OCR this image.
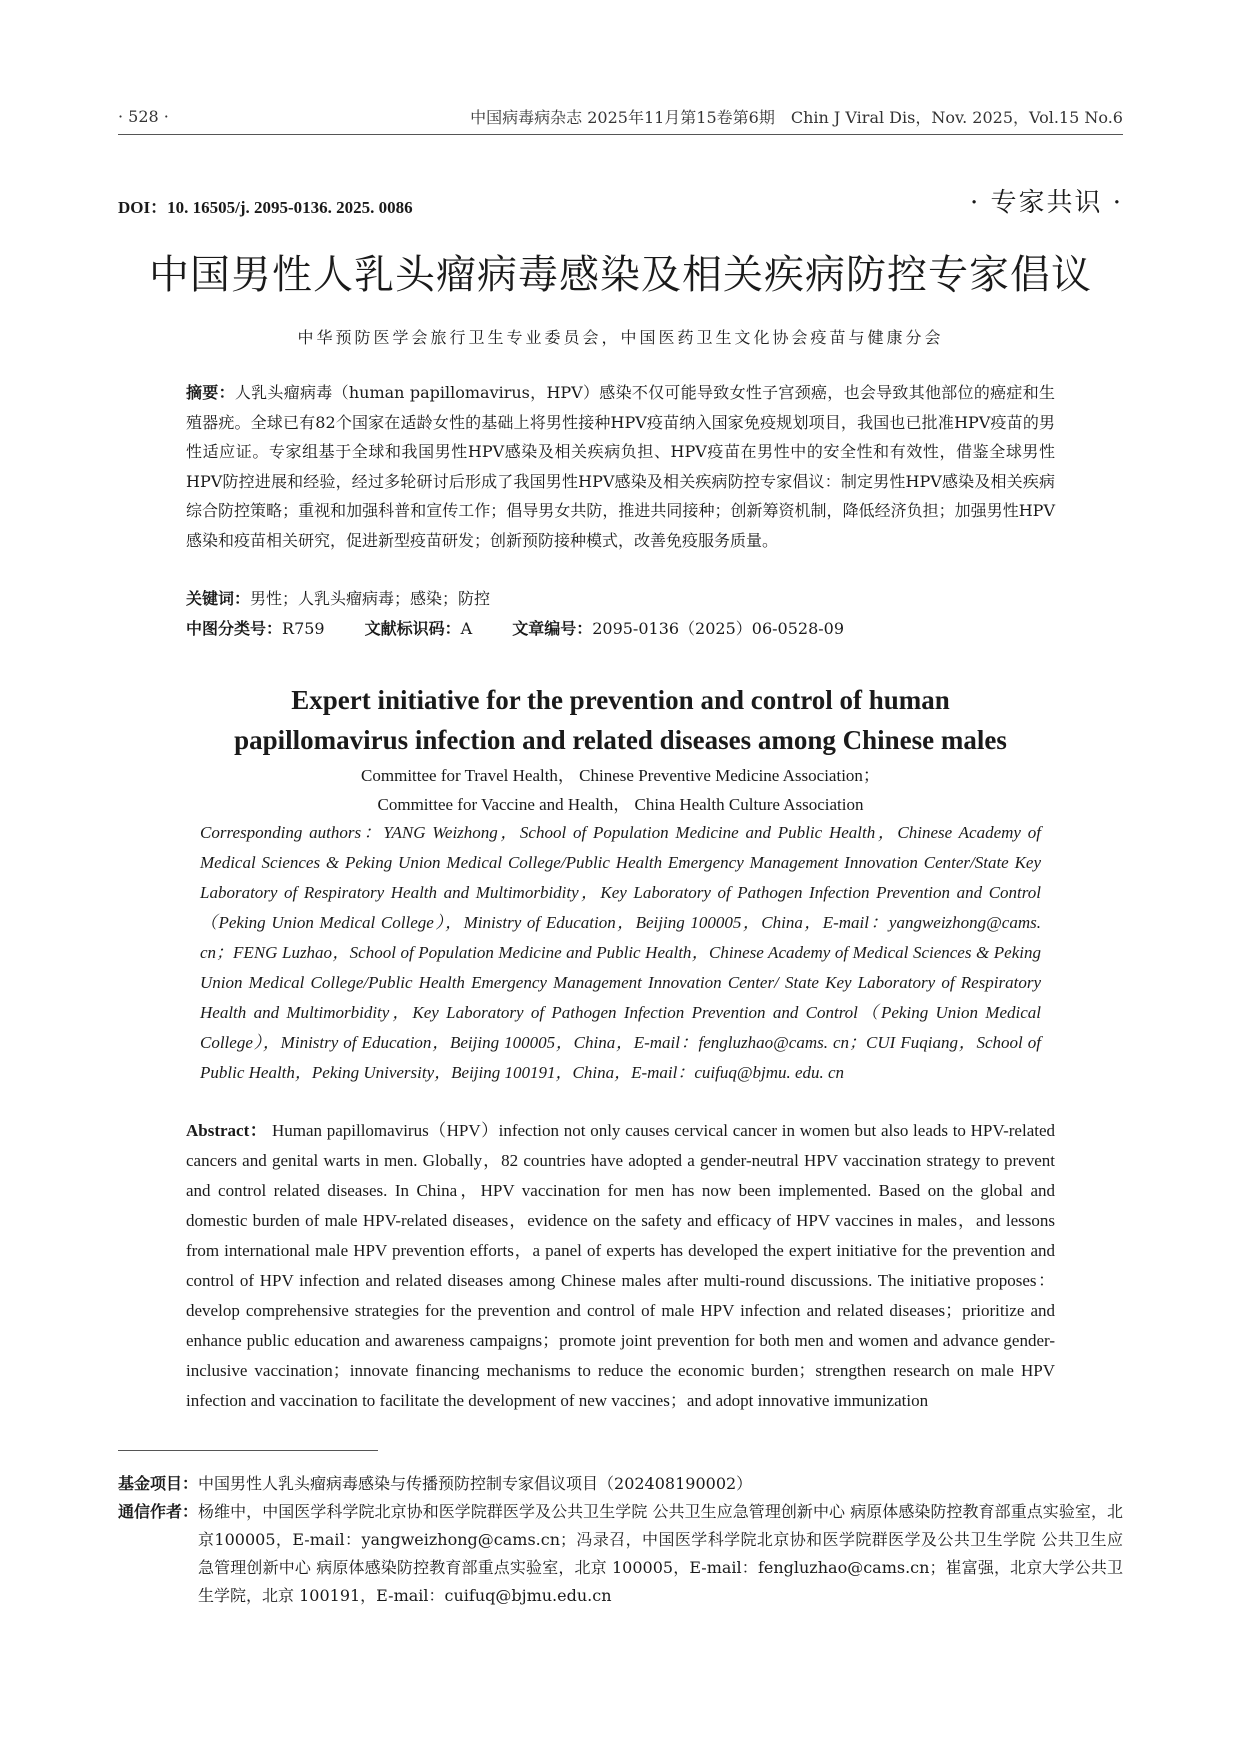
· 528 ·	中国病毒病杂志 2025年11月第15卷第6期　Chin J Viral Dis，Nov. 2025，Vol.15 No.6
DOI：10. 16505/j. 2095-0136. 2025. 0086	· 专家共识 ·
中国男性人乳头瘤病毒感染及相关疾病防控专家倡议
中华预防医学会旅行卫生专业委员会，中国医药卫生文化协会疫苗与健康分会
摘要：人乳头瘤病毒（human papillomavirus，HPV）感染不仅可能导致女性子宫颈癌，也会导致其他部位的癌症和生殖器疣。全球已有82个国家在适龄女性的基础上将男性接种HPV疫苗纳入国家免疫规划项目，我国也已批准HPV疫苗的男性适应证。专家组基于全球和我国男性HPV感染及相关疾病负担、HPV疫苗在男性中的安全性和有效性，借鉴全球男性HPV防控进展和经验，经过多轮研讨后形成了我国男性HPV感染及相关疾病防控专家倡议：制定男性HPV感染及相关疾病综合防控策略；重视和加强科普和宣传工作；倡导男女共防，推进共同接种；创新筹资机制，降低经济负担；加强男性HPV感染和疫苗相关研究，促进新型疫苗研发；创新预防接种模式，改善免疫服务质量。
关键词：男性；人乳头瘤病毒；感染；防控
中图分类号：R759	文献标识码：A	文章编号：2095-0136（2025）06-0528-09
Expert initiative for the prevention and control of human
papillomavirus infection and related diseases among Chinese males
Committee for Travel Health， Chinese Preventive Medicine Association；
Committee for Vaccine and Health， China Health Culture Association
Corresponding authors：YANG Weizhong，School of Population Medicine and Public Health，Chinese Academy of Medical Sciences & Peking Union Medical College/Public Health Emergency Management Innovation Center/State Key Laboratory of Respiratory Health and Multimorbidity，Key Laboratory of Pathogen Infection Prevention and Control（Peking Union Medical College），Ministry of Education，Beijing 100005，China，E-mail：yangweizhong@cams. cn；FENG Luzhao，School of Population Medicine and Public Health，Chinese Academy of Medical Sciences & Peking Union Medical College/Public Health Emergency Management Innovation Center/ State Key Laboratory of Respiratory Health and Multimorbidity，Key Laboratory of Pathogen Infection Prevention and Control（Peking Union Medical College），Ministry of Education，Beijing 100005，China，E-mail：fengluzhao@cams. cn；CUI Fuqiang，School of Public Health，Peking University，Beijing 100191，China，E-mail：cuifuq@bjmu. edu. cn
Abstract： Human papillomavirus（HPV）infection not only causes cervical cancer in women but also leads to HPV-related cancers and genital warts in men. Globally，82 countries have adopted a gender-neutral HPV vaccination strategy to prevent and control related diseases. In China，HPV vaccination for men has now been implemented. Based on the global and domestic burden of male HPV-related diseases，evidence on the safety and efficacy of HPV vaccines in males，and lessons from international male HPV prevention efforts，a panel of experts has developed the expert initiative for the prevention and control of HPV infection and related diseases among Chinese males after multi-round discussions. The initiative proposes：develop comprehensive strategies for the prevention and control of male HPV infection and related diseases；prioritize and enhance public education and awareness campaigns；promote joint prevention for both men and women and advance gender-inclusive vaccination；innovate financing mechanisms to reduce the economic burden；strengthen research on male HPV infection and vaccination to facilitate the development of new vaccines；and adopt innovative immunization
基金项目： 中国男性人乳头瘤病毒感染与传播预防控制专家倡议项目（202408190002）
通信作者： 杨维中，中国医学科学院北京协和医学院群医学及公共卫生学院 公共卫生应急管理创新中心 病原体感染防控教育部重点实验室，北京100005，E-mail：yangweizhong@cams.cn；冯录召，中国医学科学院北京协和医学院群医学及公共卫生学院 公共卫生应急管理创新中心 病原体感染防控教育部重点实验室，北京 100005，E-mail：fengluzhao@cams.cn；崔富强，北京大学公共卫生学院，北京 100191，E-mail：cuifuq@bjmu.edu.cn
